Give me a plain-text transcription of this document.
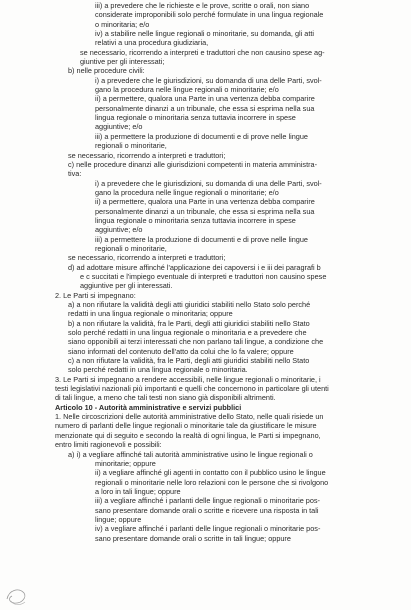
iii) a prevedere che le richieste e le prove, scritte o orali, non siano
considerate improponibili solo perché formulate in una lingua regionale
o minoritaria; e/o
iv) a stabilire nelle lingue regionali o minoritarie, su domanda, gli atti
relativi a una procedura giudiziaria,
se necessario, ricorrendo a interpreti e traduttori che non causino spese ag-
giuntive per gli interessati;
b) nelle procedure civili:
i) a prevedere che le giurisdizioni, su domanda di una delle Parti, svol-
gano la procedura nelle lingue regionali o minoritarie; e/o
ii) a permettere, qualora una Parte in una vertenza debba comparire
personalmente dinanzi a un tribunale, che essa si esprima nella sua
lingua regionale o minoritaria senza tuttavia incorrere in spese
aggiuntive; e/o
iii) a permettere la produzione di documenti e di prove nelle lingue
regionali o minoritarie,
se necessario, ricorrendo a interpreti e traduttori;
c) nelle procedure dinanzi alle giurisdizioni competenti in materia amministra-
tiva:
i) a prevedere che le giurisdizioni, su domanda di una delle Parti, svol-
gano la procedura nelle lingue regionali o minoritarie; e/o
ii) a permettere, qualora una Parte in una vertenza debba comparire
personalmente dinanzi a un tribunale, che essa si esprima nella sua
lingua regionale o minoritaria senza tuttavia incorrere in spese
aggiuntive; e/o
iii) a permettere la produzione di documenti e di prove nelle lingue
regionali o minoritarie,
se necessario, ricorrendo a interpreti e traduttori;
d) ad adottare misure affinché l'applicazione dei capoversi i e iii dei paragrafi b
e c succitati e l'impiego eventuale di interpreti e traduttori non causino spese
aggiuntive per gli interessati.
2. Le Parti si impegnano:
a) a non rifiutare la validità degli atti giuridici stabiliti nello Stato solo perché
redatti in una lingua regionale o minoritaria; oppure
b) a non rifiutare la validità, fra le Parti, degli atti giuridici stabiliti nello Stato
solo perché redatti in una lingua regionale o minoritaria e a prevedere che
siano opponibili ai terzi interessati che non parlano tali lingue, a condizione che
siano informati del contenuto dell'atto da colui che lo fa valere; oppure
c) a non rifiutare la validità, fra le Parti, degli atti giuridici stabiliti nello Stato
solo perché redatti in una lingua regionale o minoritaria.
3. Le Parti si impegnano a rendere accessibili, nelle lingue regionali o minoritarie, i
testi legislativi nazionali più importanti e quelli che concernono in particolare gli utenti
di tali lingue, a meno che tali testi non siano già disponibili altrimenti.
Articolo 10 - Autorità amministrative e servizi pubblici
1. Nelle circoscrizioni delle autorità amministrative dello Stato, nelle quali risiede un
numero di parlanti delle lingue regionali o minoritarie tale da giustificare le misure
menzionate qui di seguito e secondo la realtà di ogni lingua, le Parti si impegnano,
entro limiti ragionevoli e possibili:
a) i) a vegliare affinché tali autorità amministrative usino le lingue regionali o
minoritarie; oppure
ii) a vegliare affinché gli agenti in contatto con il pubblico usino le lingue
regionali o minoritarie nelle loro relazioni con le persone che si rivolgono
a loro in tali lingue; oppure
iii) a vegliare affinché i parlanti delle lingue regionali o minoritarie pos-
sano presentare domande orali o scritte e ricevere una risposta in tali
lingue; oppure
iv) a vegliare affinché i parlanti delle lingue regionali o minoritarie pos-
sano presentare domande orali o scritte in tali lingue; oppure
